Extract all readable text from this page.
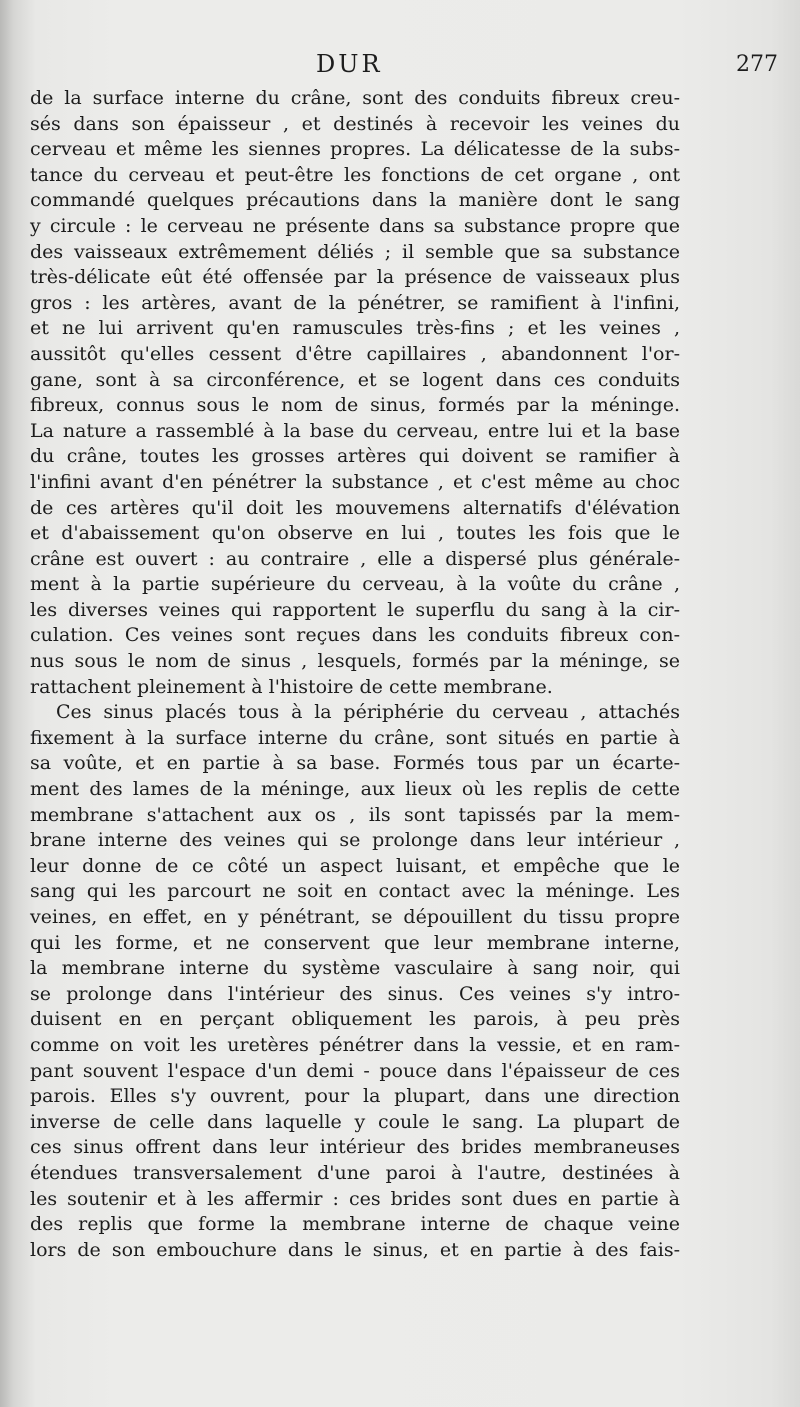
DUR	277
de la surface interne du crâne, sont des conduits fibreux creu-
sés dans son épaisseur , et destinés à recevoir les veines du
cerveau et même les siennes propres. La délicatesse de la subs-
tance du cerveau et peut-être les fonctions de cet organe , ont
commandé quelques précautions dans la manière dont le sang
y circule : le cerveau ne présente dans sa substance propre que
des vaisseaux extrêmement déliés ; il semble que sa substance
très-délicate eût été offensée par la présence de vaisseaux plus
gros : les artères, avant de la pénétrer, se ramifient à l'infini,
et ne lui arrivent qu'en ramuscules très-fins ; et les veines ,
aussitôt qu'elles cessent d'être capillaires , abandonnent l'or-
gane, sont à sa circonférence, et se logent dans ces conduits
fibreux, connus sous le nom de sinus, formés par la méninge.
La nature a rassemblé à la base du cerveau, entre lui et la base
du crâne, toutes les grosses artères qui doivent se ramifier à
l'infini avant d'en pénétrer la substance , et c'est même au choc
de ces artères qu'il doit les mouvemens alternatifs d'élévation
et d'abaissement qu'on observe en lui , toutes les fois que le
crâne est ouvert : au contraire , elle a dispersé plus générale-
ment à la partie supérieure du cerveau, à la voûte du crâne ,
les diverses veines qui rapportent le superflu du sang à la cir-
culation. Ces veines sont reçues dans les conduits fibreux con-
nus sous le nom de sinus , lesquels, formés par la méninge, se
rattachent pleinement à l'histoire de cette membrane.
Ces sinus placés tous à la périphérie du cerveau , attachés
fixement à la surface interne du crâne, sont situés en partie à
sa voûte, et en partie à sa base. Formés tous par un écarte-
ment des lames de la méninge, aux lieux où les replis de cette
membrane s'attachent aux os , ils sont tapissés par la mem-
brane interne des veines qui se prolonge dans leur intérieur ,
leur donne de ce côté un aspect luisant, et empêche que le
sang qui les parcourt ne soit en contact avec la méninge. Les
veines, en effet, en y pénétrant, se dépouillent du tissu propre
qui les forme, et ne conservent que leur membrane interne,
la membrane interne du système vasculaire à sang noir, qui
se prolonge dans l'intérieur des sinus. Ces veines s'y intro-
duisent en en perçant obliquement les parois, à peu près
comme on voit les uretères pénétrer dans la vessie, et en ram-
pant souvent l'espace d'un demi - pouce dans l'épaisseur de ces
parois. Elles s'y ouvrent, pour la plupart, dans une direction
inverse de celle dans laquelle y coule le sang. La plupart de
ces sinus offrent dans leur intérieur des brides membraneuses
étendues transversalement d'une paroi à l'autre, destinées à
les soutenir et à les affermir : ces brides sont dues en partie à
des replis que forme la membrane interne de chaque veine
lors de son embouchure dans le sinus, et en partie à des fais-
